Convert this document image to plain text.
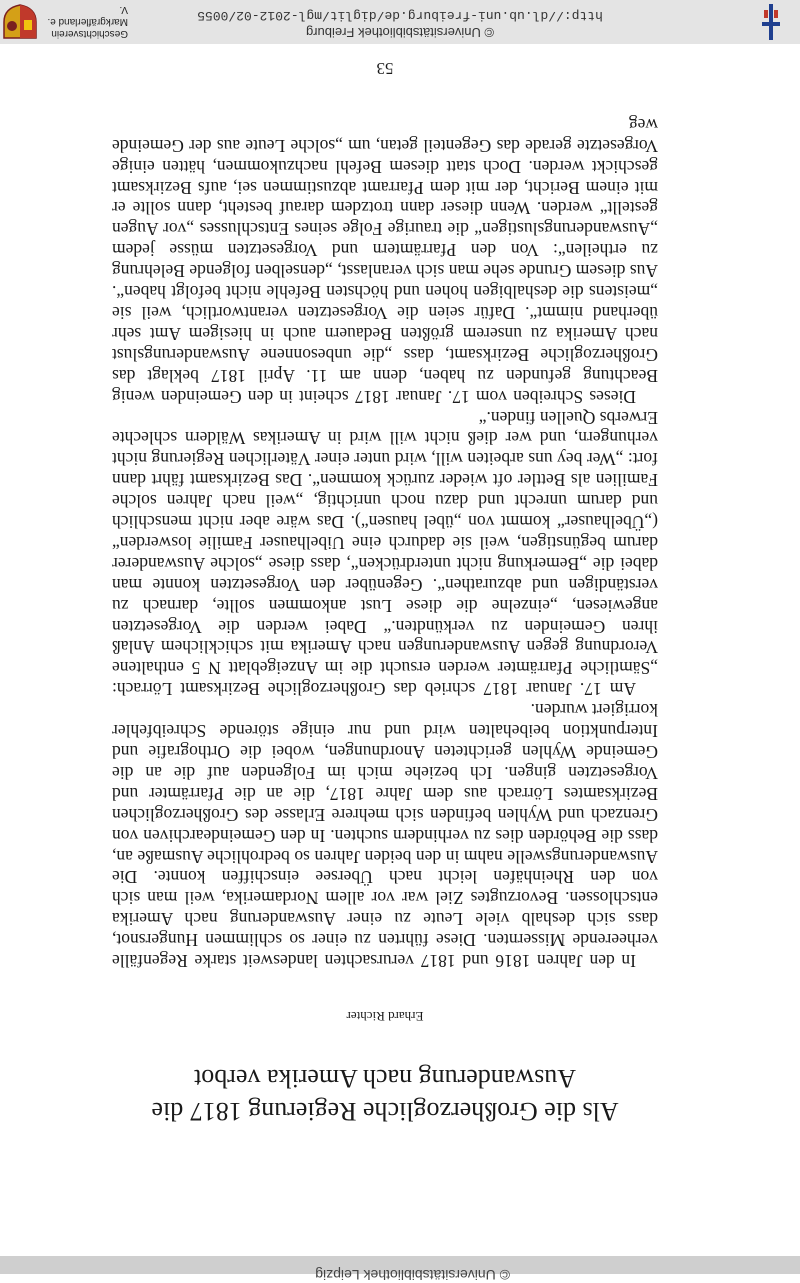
© Universitätsbibliothek Leipzig
Als die Großherzogliche Regierung 1817 die
Auswanderung nach Amerika verbot
Erhard Richter

In den Jahren 1816 und 1817 verursachten landesweit starke Regenfälle verheerende Missernten. Diese führten zu einer so schlimmen Hungersnot, dass sich deshalb viele Leute zu einer Auswanderung nach Amerika entschlossen. Bevorzugtes Ziel war vor allem Nordamerika, weil man sich von den Rheinhäfen leicht nach Übersee einschiffen konnte. Die Auswanderungswelle nahm in den beiden Jahren so bedrohliche Ausmaße an, dass die Behörden dies zu verhindern suchten. In den Gemeindearchiven von Grenzach und Wyhlen befinden sich mehrere Erlasse des Großherzoglichen Bezirksamtes Lörrach aus dem Jahre 1817, die an die Pfarrämter und Vorgesetzten gingen. Ich beziehe mich im Folgenden auf die an die Gemeinde Wyhlen gerichteten Anordnungen, wobei die Orthografie und Interpunktion beibehalten wird und nur einige störende Schreibfehler korrigiert wurden.

Am 17. Januar 1817 schrieb das Großherzogliche Bezirksamt Lörrach: „Sämtliche Pfarrämter werden ersucht die im Anzeigeblatt N 5 enthaltene Verordnung gegen Auswanderungen nach Amerika mit schicklichem Anlaß ihren Gemeinden zu verkündten.“ Dabei werden die Vorgesetzten angewiesen, „einzelne die diese Lust ankommen sollte, darnach zu verständigen und abzurathen“. Gegenüber den Vorgesetzten konnte man dabei die „Bemerkung nicht unterdrücken“, dass diese „solche Auswanderer darum begünstigen, weil sie dadurch eine Uibelhauser Familie loswerden“ („Übelhauser“ kommt von „übel hausen“). Das wäre aber nicht menschlich und darum unrecht und dazu noch unrichtig, „weil nach Jahren solche Familien als Bettler oft wieder zurück kommen“. Das Bezirksamt fährt dann fort: „Wer bey uns arbeiten will, wird unter einer Väterlichen Regierung nicht verhungern, und wer dieß nicht will wird in Amerikas Wäldern schlechte Erwerbs Quellen finden.“

Dieses Schreiben vom 17. Januar 1817 scheint in den Gemeinden wenig Beachtung gefunden zu haben, denn am 11. April 1817 beklagt das Großherzogliche Bezirksamt, dass „die unbesonnene Auswanderungslust nach Amerika zu unserem größten Bedauern auch in hiesigem Amt sehr überhand nimmt“. Dafür seien die Vorgesetzten verantwortlich, weil sie „meistens die deshalbigen hohen und höchsten Befehle nicht befolgt haben“. Aus diesem Grunde sehe man sich veranlasst, „denselben folgende Belehrung zu ertheilen“: Von den Pfarrämtern und Vorgesetzten müsse jedem „Auswanderungslustigen“ die traurige Folge seines Entschlusses „vor Augen gestellt“ werden. Wenn dieser dann trotzdem darauf besteht, dann sollte er mit einem Bericht, der mit dem Pfarramt abzustimmen sei, aufs Bezirksamt geschickt werden. Doch statt diesem Befehl nachzukommen, hätten einige Vorgesetzte gerade das Gegenteil getan, um „solche Leute aus der Gemeinde weg

53
© Universitätsbibliothek Freiburg
http://dl.ub.uni-freiburg.de/diglit/mgl-2012-02/0055
Geschichtsverein
Markgräflerland e. V.
